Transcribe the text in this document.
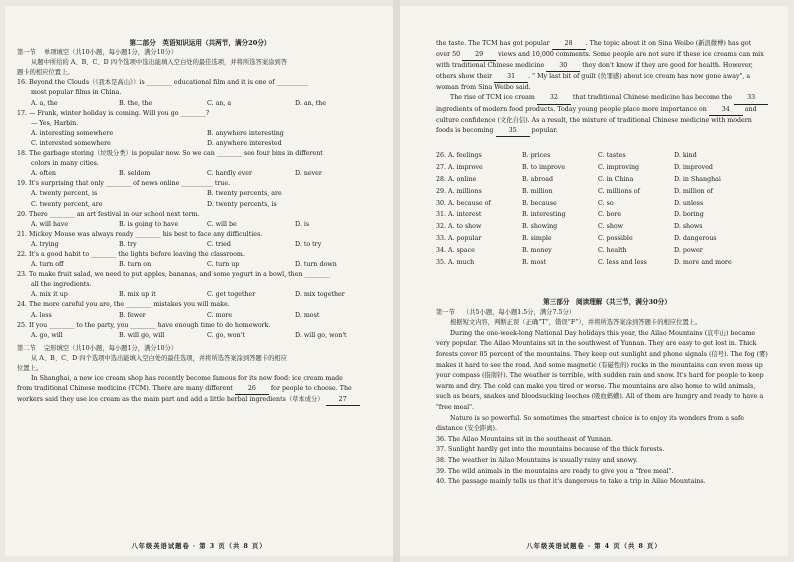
第二部分　英语知识运用（共两节，满分20分）
第一节 单项填空（共10小题，每小题1分，满分10分）
从题中所给的 A、B、C、D 四个选项中选出能填入空白处的最佳选项，并将所选答案涂到答
题卡的相应位置上。
16. Beyond the Clouds（《我本是高山》）is ________ educational film and it is one of __________
most popular films in China.
A. a, the	B. the, the	C. an, a	D. an, the
17. — Frank, winter holiday is coming. Will you go ________?
— Yes, Harbin.
A. interesting somewhere	B. anywhere interesting
C. interested somewhere	D. anywhere interested
18. The garbage storing（垃圾分类）is popular now. So we can ________ see four bins in different
colors in many cities.
A. often	B. seldom	C. hardly ever	D. never
19. It's surprising that only ________ of news online __________ true.
A. twenty percent, is	B. twenty percents, are
C. twenty percent, are	D. twenty percents, is
20. There ________ an art festival in our school next term.
A. will have	B. is going to have	C. will be	D. is
21. Mickey Mouse was always ready ________ his best to face any difficulties.
A. trying	B. try	C. tried	D. to try
22. It's a good habit to ________ the lights before leaving the classroom.
A. turn off	B. turn on	C. turn up	D. turn down
23. To make fruit salad, we need to put apples, bananas, and some yogurt in a bowl, then ________
all the ingredients.
A. mix it up	B. mix up it	C. get together	D. mix together
24. The more careful you are, the ________ mistakes you will make.
A. less	B. fewer	C. more	D. most
25. If you ________ to the party, you ________ have enough time to do homework.
A. go, will	B. will go, will	C. go, won't	D. will go, won't
第二节 完形填空（共10小题，每小题1分，满分10分）
从 A、B、C、D 四个选项中选出能填入空白处的最佳选项，并将所选答案涂到答题卡的相应
位置上。
In Shanghai, a new ice cream shop has recently become famous for its new food: ice cream made
from traditional Chinese medicine (TCM). There are many different 26 for people to choose. The
workers said they use ice cream as the main part and add a little herbal ingredients（草本成分） 27
八年级英语试题卷 · 第 3 页（共 8 页）
the taste. The TCM has got popular 28 . The topic about it on Sina Weibo (新浪微博) has got
over 50 29 views and 10,000 comments. Some people are not sure if these ice creams can mix
with traditional Chinese medicine 30 they don't know if they are good for health. However,
others show their 31 . " My last bit of guilt (负罪感) about ice cream has now gone away", a
woman from Sina Weibo said.
The rise of TCM ice cream 32 that traditional Chinese medicine has become the 33
ingredients of modern food products. Today young people place more importance on 34 and
culture confidence (文化自信). As a result, the mixture of traditional Chinese medicine with modern
foods is becoming 35 popular.
26. A. feelings	B. prices	C. tastes	D. kind
27. A. improve	B. to improve	C. improving	D. improved
28. A. online	B. abroad	C. in China	D. in Shanghai
29. A. millions	B. million	C. millions of	D. million of
30. A. because of	B. because	C. so	D. unless
31. A. interest	B. interesting	C. bore	D. boring
32. A. to show	B. showing	C. show	D. shows
33. A. popular	B. simple	C. possible	D. dangerous
34. A. space	B. money	C. health	D. power
35. A. much	B. most	C. less and less	D. more and more
第三部分　阅读理解（共三节，满分30分）
第一节 （共5小题，每小题1.5分，满分7.5分）
根据短文内容，判断正误（正确“T”，错误“F”），并将所选答案涂到答题卡的相应位置上。
During the one-week-long National Day holidays this year, the Ailao Mountains (哀牢山) became
very popular. The Ailao Mountains sit in the southwest of Yunnan. They are easy to get lost in. Thick
forests cover 85 percent of the mountains. They keep out sunlight and phone signals (信号). The fog (雾)
makes it hard to see the road. And some magnetic (有磁性的) rocks in the mountains can even mess up
your compass (指南针). The weather is terrible, with sudden rain and snow. It's hard for people to keep
warm and dry. The cold can make you tired or worse. The mountains are also home to wild animals,
such as bears, snakes and bloodsucking leeches (吸血蚂蟥). All of them are hungry and ready to have a
"free meal".
Nature is so powerful. So sometimes the smartest choice is to enjoy its wonders from a safe
distance (安全距离).
36. The Ailao Mountains sit in the southeast of Yunnan.
37. Sunlight hardly get into the mountains because of the thick forests.
38. The weather in Ailao Mountains is usually rainy and snowy.
39. The wild animals in the mountains are ready to give you a "free meal".
40. The passage mainly tells us that it's dangerous to take a trip in Ailao Mountains.
八年级英语试题卷 · 第 4 页（共 8 页）
